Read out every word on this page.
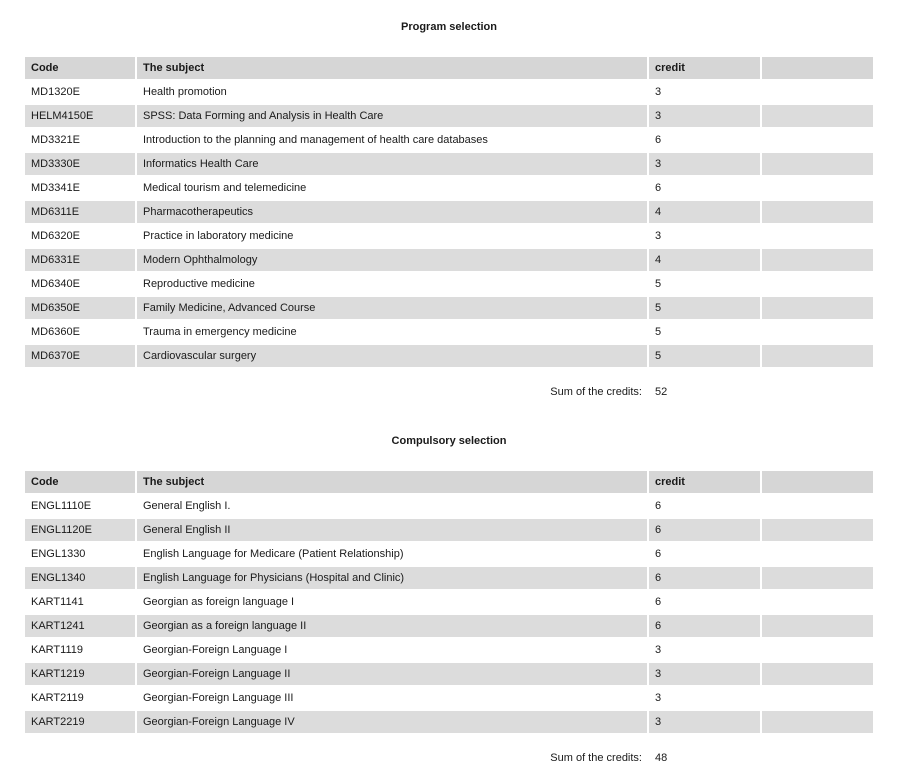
Program selection
Code	The subject	credit
MD1320E	Health promotion	3
HELM4150E	SPSS: Data Forming and Analysis in Health Care	3
MD3321E	Introduction to the planning and management of health care databases	6
MD3330E	Informatics Health Care	3
MD3341E	Medical tourism and telemedicine	6
MD6311E	Pharmacotherapeutics	4
MD6320E	Practice in laboratory medicine	3
MD6331E	Modern Ophthalmology	4
MD6340E	Reproductive medicine	5
MD6350E	Family Medicine, Advanced Course	5
MD6360E	Trauma in emergency medicine	5
MD6370E	Cardiovascular surgery	5
Sum of the credits: 52
Compulsory selection
Code	The subject	credit
ENGL1110E	General English I.	6
ENGL1120E	General English II	6
ENGL1330	English Language for Medicare (Patient Relationship)	6
ENGL1340	English Language for Physicians (Hospital and Clinic)	6
KART1141	Georgian as foreign language I	6
KART1241	Georgian as a foreign language II	6
KART1119	Georgian-Foreign Language I	3
KART1219	Georgian-Foreign Language II	3
KART2119	Georgian-Foreign Language III	3
KART2219	Georgian-Foreign Language IV	3
Sum of the credits: 48
